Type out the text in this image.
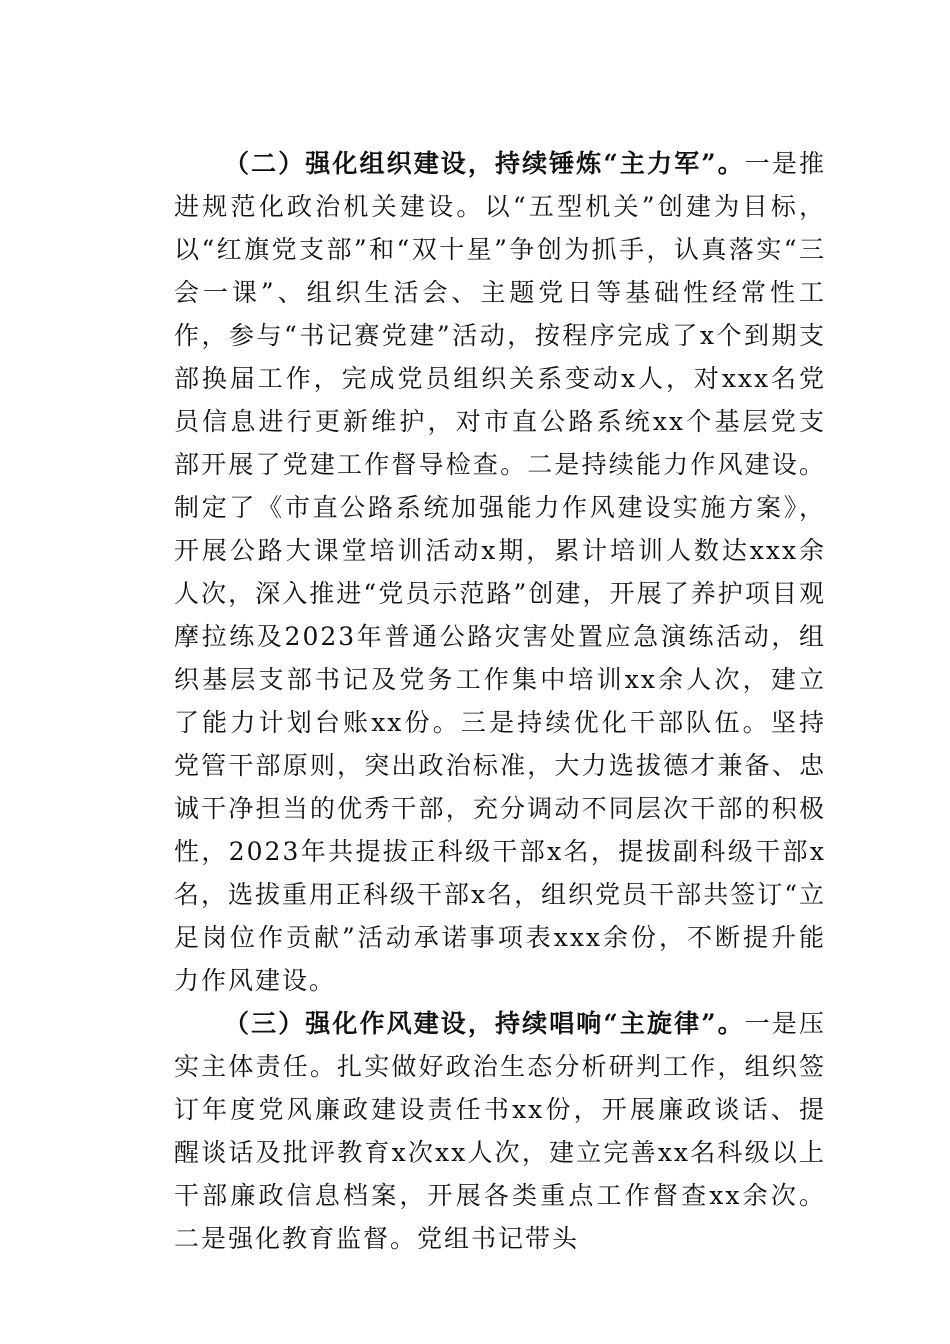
（二）强化组织建设，持续锤炼“主力军”。一是推进规范化政治机关建设。以“五型机关”创建为目标，以“红旗党支部”和“双十星”争创为抓手，认真落实“三会一课”、组织生活会、主题党日等基础性经常性工作，参与“书记赛党建”活动，按程序完成了x个到期支部换届工作，完成党员组织关系变动x人，对xxx名党员信息进行更新维护，对市直公路系统xx个基层党支部开展了党建工作督导检查。二是持续能力作风建设。制定了《市直公路系统加强能力作风建设实施方案》，开展公路大课堂培训活动x期，累计培训人数达xxx余人次，深入推进“党员示范路”创建，开展了养护项目观摩拉练及2023年普通公路灾害处置应急演练活动，组织基层支部书记及党务工作集中培训xx余人次，建立了能力计划台账xx份。三是持续优化干部队伍。坚持党管干部原则，突出政治标准，大力选拔德才兼备、忠诚干净担当的优秀干部，充分调动不同层次干部的积极性，2023年共提拔正科级干部x名，提拔副科级干部x名，选拔重用正科级干部x名，组织党员干部共签订“立足岗位作贡献”活动承诺事项表xxx余份，不断提升能力作风建设。

（三）强化作风建设，持续唱响“主旋律”。一是压实主体责任。扎实做好政治生态分析研判工作，组织签订年度党风廉政建设责任书xx份，开展廉政谈话、提醒谈话及批评教育x次xx人次，建立完善xx名科级以上干部廉政信息档案，开展各类重点工作督查xx余次。二是强化教育监督。党组书记带头
